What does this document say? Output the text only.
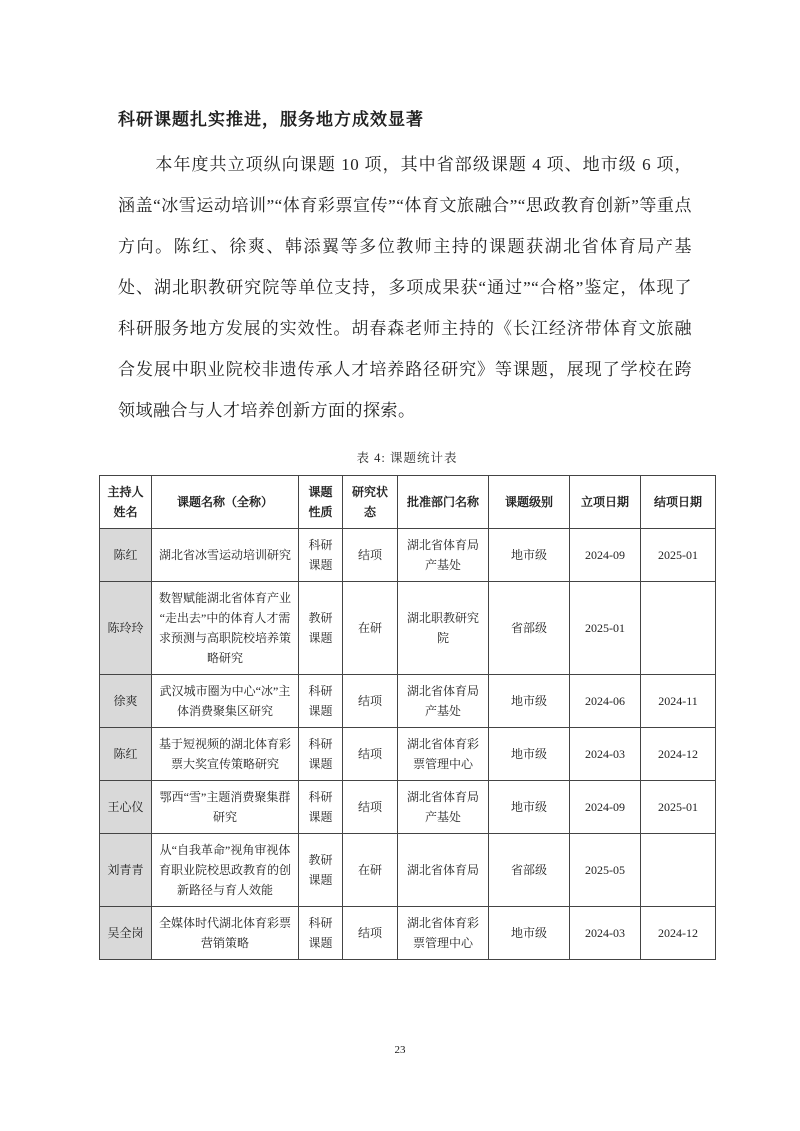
科研课题扎实推进，服务地方成效显著

本年度共立项纵向课题 10 项，其中省部级课题 4 项、地市级 6 项，涵盖“冰雪运动培训”“体育彩票宣传”“体育文旅融合”“思政教育创新”等重点方向。陈红、徐爽、韩添翼等多位教师主持的课题获湖北省体育局产基处、湖北职教研究院等单位支持，多项成果获“通过”“合格”鉴定，体现了科研服务地方发展的实效性。胡春森老师主持的《长江经济带体育文旅融合发展中职业院校非遗传承人才培养路径研究》等课题，展现了学校在跨领域融合与人才培养创新方面的探索。

表 4: 课题统计表
主持人姓名	课题名称（全称）	课题性质	研究状态	批准部门名称	课题级别	立项日期	结项日期
陈红	湖北省冰雪运动培训研究	科研课题	结项	湖北省体育局产基处	地市级	2024-09	2025-01
陈玲玲	数智赋能湖北省体育产业 “走出去”中的体育人才需求预测与高职院校培养策略研究	教研课题	在研	湖北职教研究院	省部级	2025-01	
徐爽	武汉城市圈为中心“冰”主体消费聚集区研究	科研课题	结项	湖北省体育局产基处	地市级	2024-06	2024-11
陈红	基于短视频的湖北体育彩票大奖宣传策略研究	科研课题	结项	湖北省体育彩票管理中心	地市级	2024-03	2024-12
王心仪	鄂西“雪”主题消费聚集群研究	科研课题	结项	湖北省体育局产基处	地市级	2024-09	2025-01
刘青青	从“自我革命”视角审视体育职业院校思政教育的创新路径与育人效能	教研课题	在研	湖北省体育局	省部级	2025-05	
吴全岗	全媒体时代湖北体育彩票营销策略	科研课题	结项	湖北省体育彩票管理中心	地市级	2024-03	2024-12
23
